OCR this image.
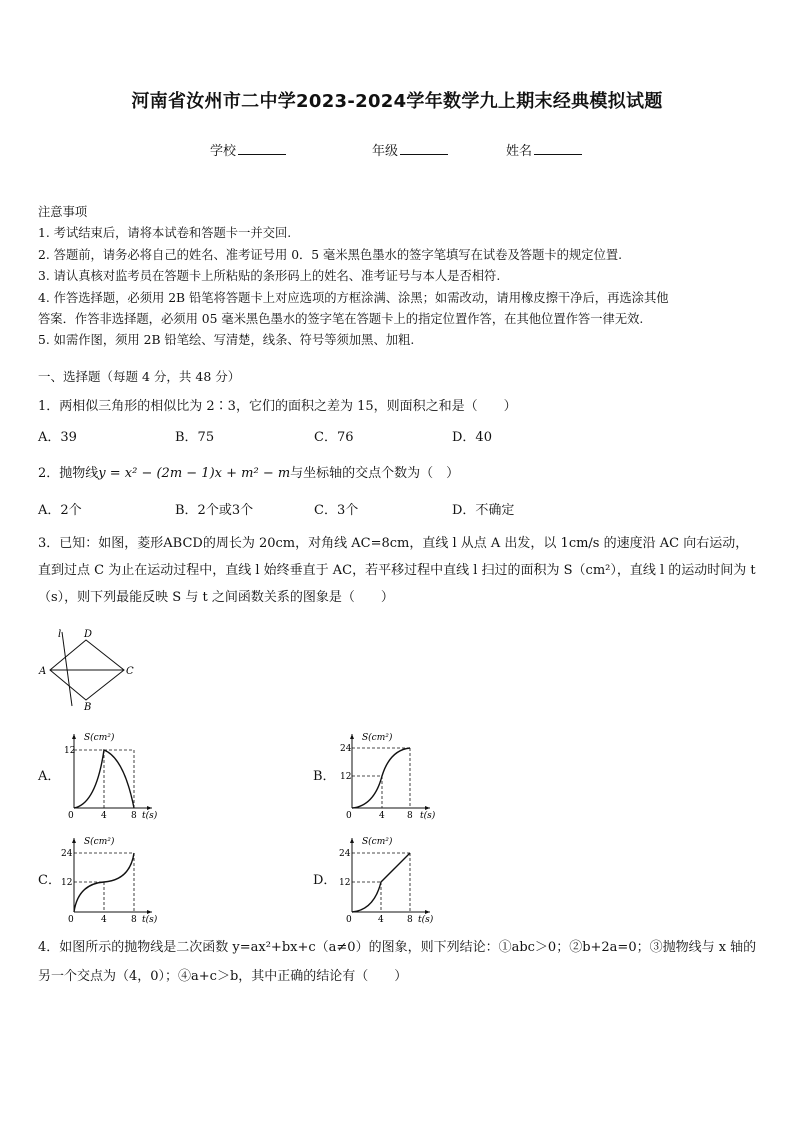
河南省汝州市二中学2023-2024学年数学九上期末经典模拟试题
学校	年级	姓名
注意事项
1. 考试结束后，请将本试卷和答题卡一并交回.
2. 答题前，请务必将自己的姓名、准考证号用 0．5 毫米黑色墨水的签字笔填写在试卷及答题卡的规定位置.
3. 请认真核对监考员在答题卡上所粘贴的条形码上的姓名、准考证号与本人是否相符.
4. 作答选择题，必须用 2B 铅笔将答题卡上对应选项的方框涂满、涂黑；如需改动，请用橡皮擦干净后，再选涂其他
答案．作答非选择题，必须用 05 毫米黑色墨水的签字笔在答题卡上的指定位置作答，在其他位置作答一律无效.
5. 如需作图，须用 2B 铅笔绘、写清楚，线条、符号等须加黑、加粗.
一、选择题（每题 4 分，共 48 分）
1．两相似三角形的相似比为 2∶3，它们的面积之差为 15，则面积之和是（　　）
A．39	B．75	C．76	D．40
2．抛物线y = x² − (2m − 1)x + m² − m与坐标轴的交点个数为（　）
A．2个	B．2个或3个	C．3个	D．不确定
3．已知：如图，菱形ABCD的周长为 20cm，对角线 AC=8cm，直线 l 从点 A 出发，以 1cm/s 的速度沿 AC 向右运动，直到过点 C 为止在运动过程中，直线 l 始终垂直于 AC，若平移过程中直线 l 扫过的面积为 S（cm²），直线 l 的运动时间为 t（s），则下列最能反映 S 与 t 之间函数关系的图象是（　　）
l
A
B
C
D
A．
S(cm²)
12
0	4	8 t(s)
B．
S(cm²)
12
24
0	4 8 t(s)
C．
S(cm²)
12
24
0	4	8 t(s)
D．
S(cm²)
12
24
0	4	8 t(s)
4．如图所示的抛物线是二次函数 y=ax²+bx+c（a≠0）的图象，则下列结论：①abc＞0；②b+2a=0；③抛物线与 x 轴的
另一个交点为（4，0）；④a+c＞b，其中正确的结论有（　　）
